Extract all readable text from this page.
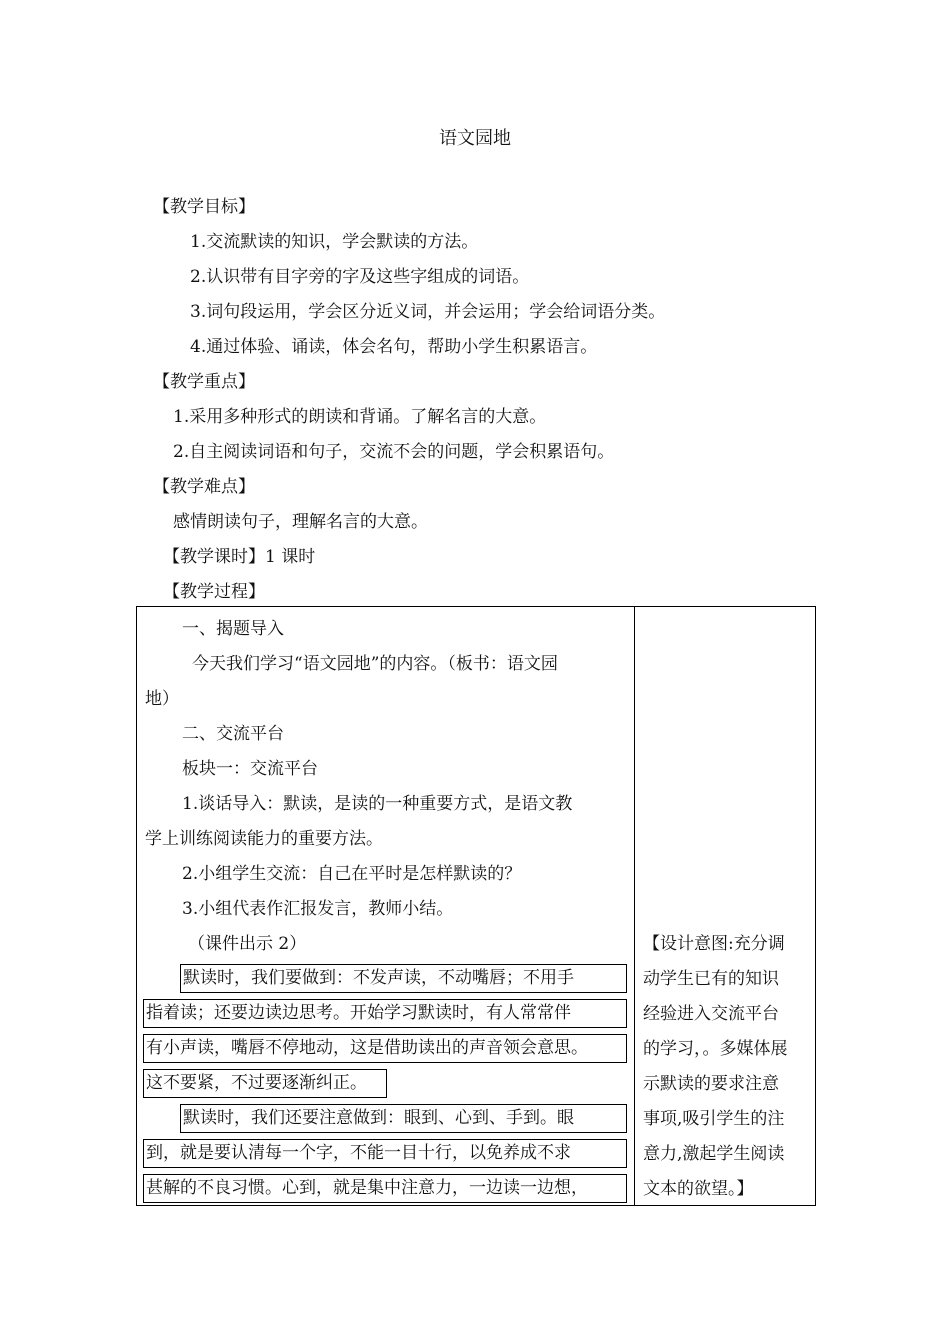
语文园地
【教学目标】
1.交流默读的知识，学会默读的方法。
2.认识带有目字旁的字及这些字组成的词语。
3.词句段运用，学会区分近义词，并会运用；学会给词语分类。
4.通过体验、诵读，体会名句，帮助小学生积累语言。
【教学重点】
1.采用多种形式的朗读和背诵。了解名言的大意。
2.自主阅读词语和句子，交流不会的问题，学会积累语句。
【教学难点】
感情朗读句子，理解名言的大意。
【教学课时】1 课时
【教学过程】
一、揭题导入
今天我们学习“语文园地”的内容。（板书：语文园
地）
二、交流平台
板块一：交流平台
1.谈话导入：默读，是读的一种重要方式，是语文教
学上训练阅读能力的重要方法。
2.小组学生交流：自己在平时是怎样默读的？
3.小组代表作汇报发言，教师小结。
（课件出示 2）
默读时，我们要做到：不发声读，不动嘴唇；不用手
指着读；还要边读边思考。开始学习默读时，有人常常伴
有小声读，嘴唇不停地动，这是借助读出的声音领会意思。
这不要紧，不过要逐渐纠正。
默读时，我们还要注意做到：眼到、心到、手到。眼
到，就是要认清每一个字，不能一目十行，以免养成不求
甚解的不良习惯。心到，就是集中注意力，一边读一边想，
【设计意图:充分调
动学生已有的知识
经验进入交流平台
的学习，。多媒体展
示默读的要求注意
事项,吸引学生的注
意力,激起学生阅读
文本的欲望。】
